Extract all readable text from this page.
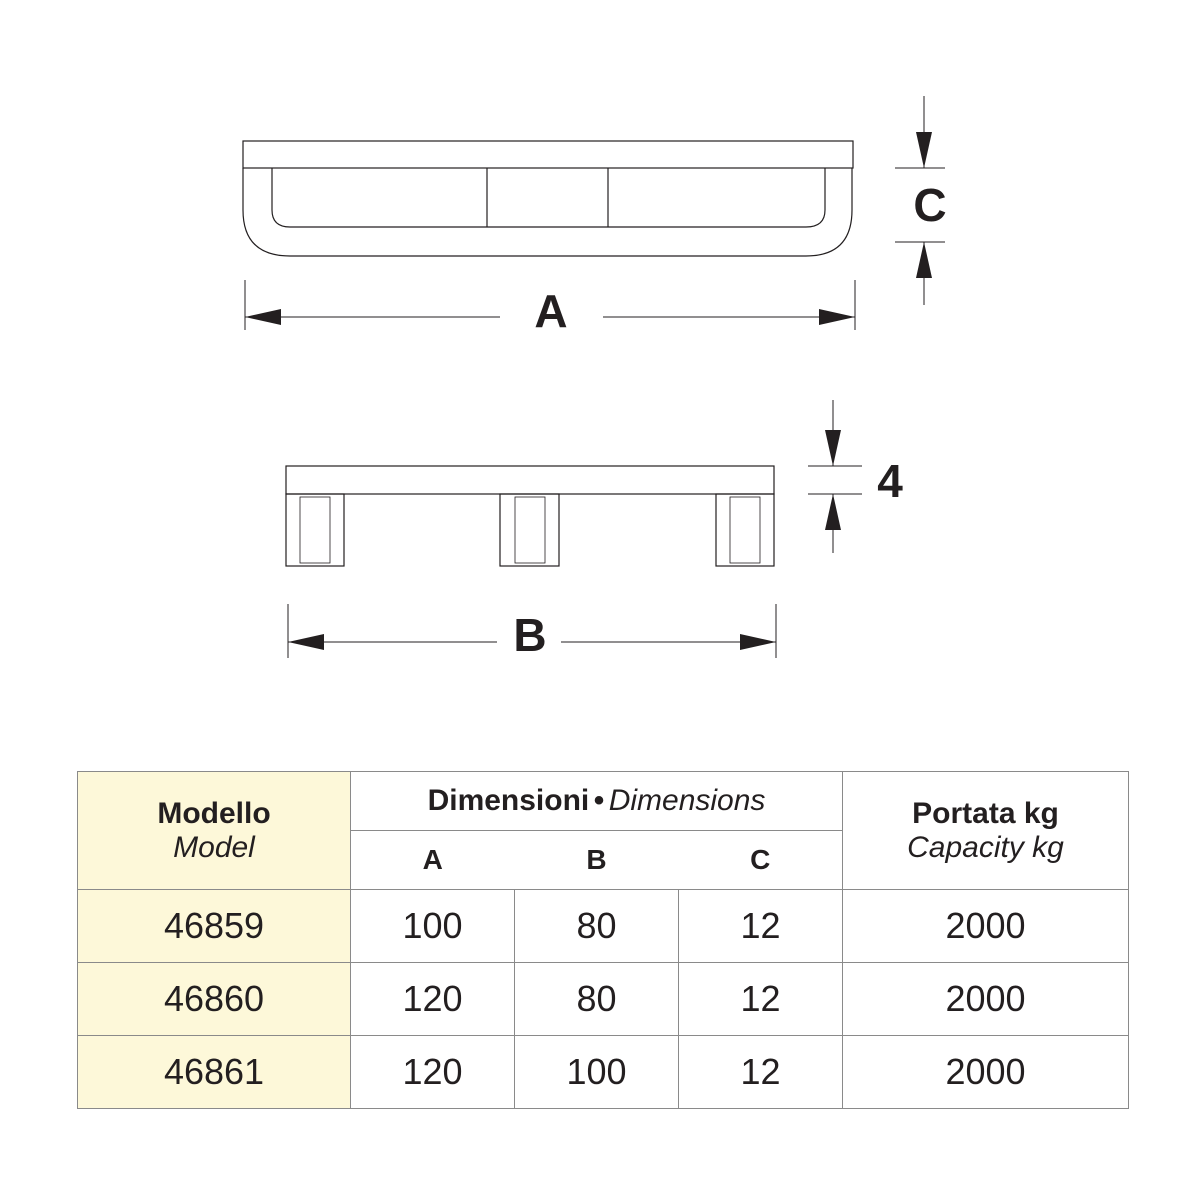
A
C
4
B
Modello
Model	Dimensioni • Dimensions			Portata kg
Capacity kg

	A	B	C	
46859	100	80	12	2000
46860	120	80	12	2000
46861	120	100	12	2000
